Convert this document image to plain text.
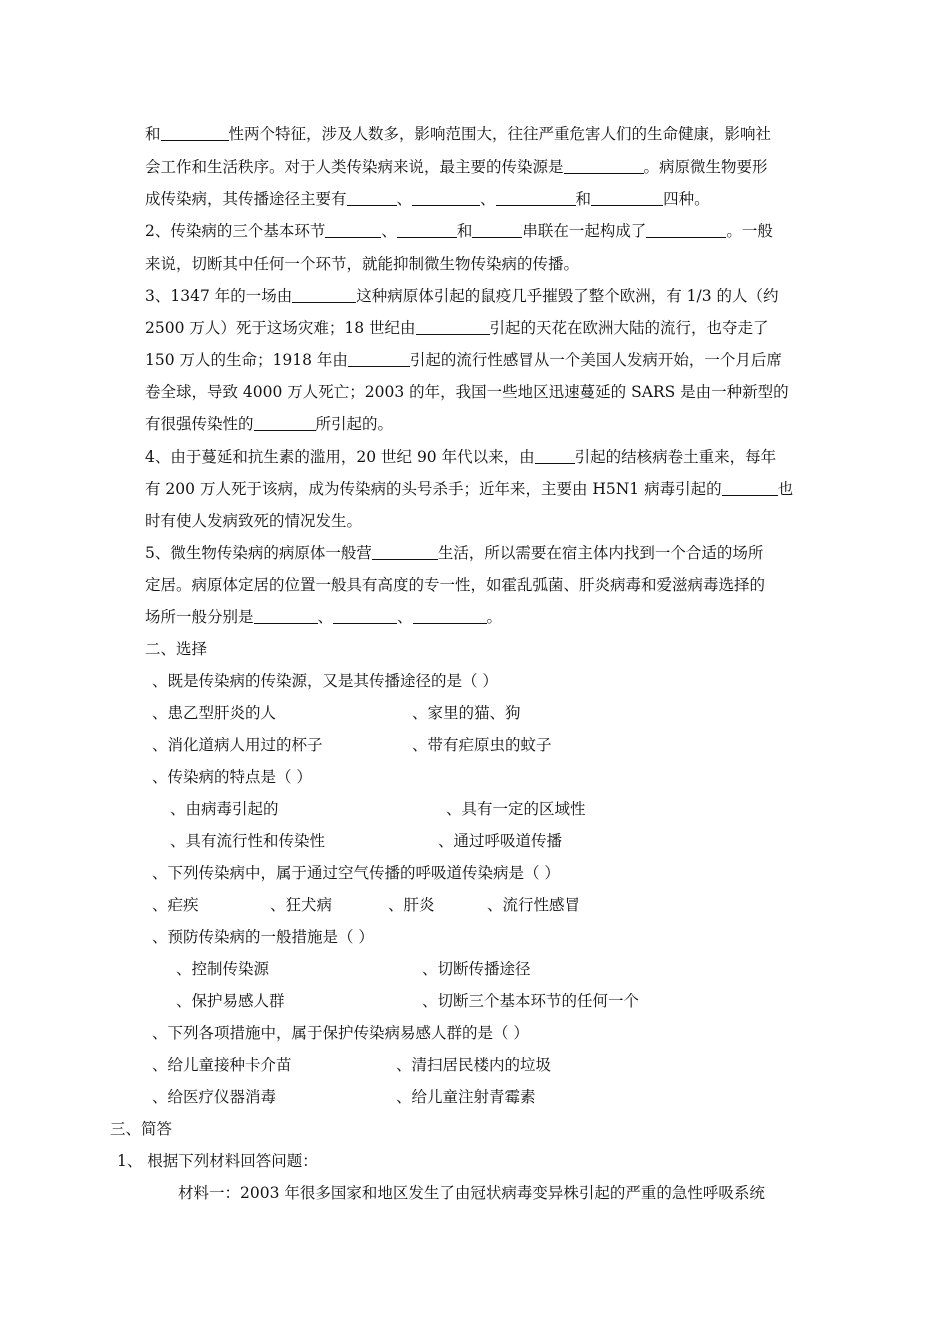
和	性两个特征，涉及人数多，影响范围大，往往严重危害人们的生命健康，影响社
会工作和生活秩序。对于人类传染病来说，最主要的传染源是	。病原微生物要形
成传染病，其传播途径主要有	、	、	和	四种。
2、传染病的三个基本环节	、	和	串联在一起构成了	。一般
来说，切断其中任何一个环节，就能抑制微生物传染病的传播。
3、1347 年的一场由	这种病原体引起的鼠疫几乎摧毁了整个欧洲，有 1/3 的人（约
2500 万人）死于这场灾难；18 世纪由	引起的天花在欧洲大陆的流行，也夺走了
150 万人的生命；1918 年由	引起的流行性感冒从一个美国人发病开始，一个月后席
卷全球，导致 4000 万人死亡；2003 的年，我国一些地区迅速蔓延的 SARS 是由一种新型的
有很强传染性的	所引起的。
4、由于蔓延和抗生素的滥用，20 世纪 90 年代以来，由	引起的结核病卷土重来，每年
有 200 万人死于该病，成为传染病的头号杀手；近年来，主要由 H5N1 病毒引起的	也
时有使人发病致死的情况发生。
5、微生物传染病的病原体一般营	生活，所以需要在宿主体内找到一个合适的场所
定居。病原体定居的位置一般具有高度的专一性，如霍乱弧菌、肝炎病毒和爱滋病毒选择的
场所一般分别是	、	、	。
二、选择
、既是传染病的传染源，又是其传播途径的是（ ）
、患乙型肝炎的人	、家里的猫、狗
、消化道病人用过的杯子	、带有疟原虫的蚊子
、传染病的特点是（ ）
、由病毒引起的	、具有一定的区域性
、具有流行性和传染性	、通过呼吸道传播
、下列传染病中，属于通过空气传播的呼吸道传染病是（ ）
、疟疾	、狂犬病	、肝炎	、流行性感冒
、预防传染病的一般措施是（ ）
、控制传染源	、切断传播途径
、保护易感人群	、切断三个基本环节的任何一个
、下列各项措施中，属于保护传染病易感人群的是（ ）
、给儿童接种卡介苗	、清扫居民楼内的垃圾
、给医疗仪器消毒	、给儿童注射青霉素
三、简答
1、 根据下列材料回答问题：
材料一：2003 年很多国家和地区发生了由冠状病毒变异株引起的严重的急性呼吸系统
